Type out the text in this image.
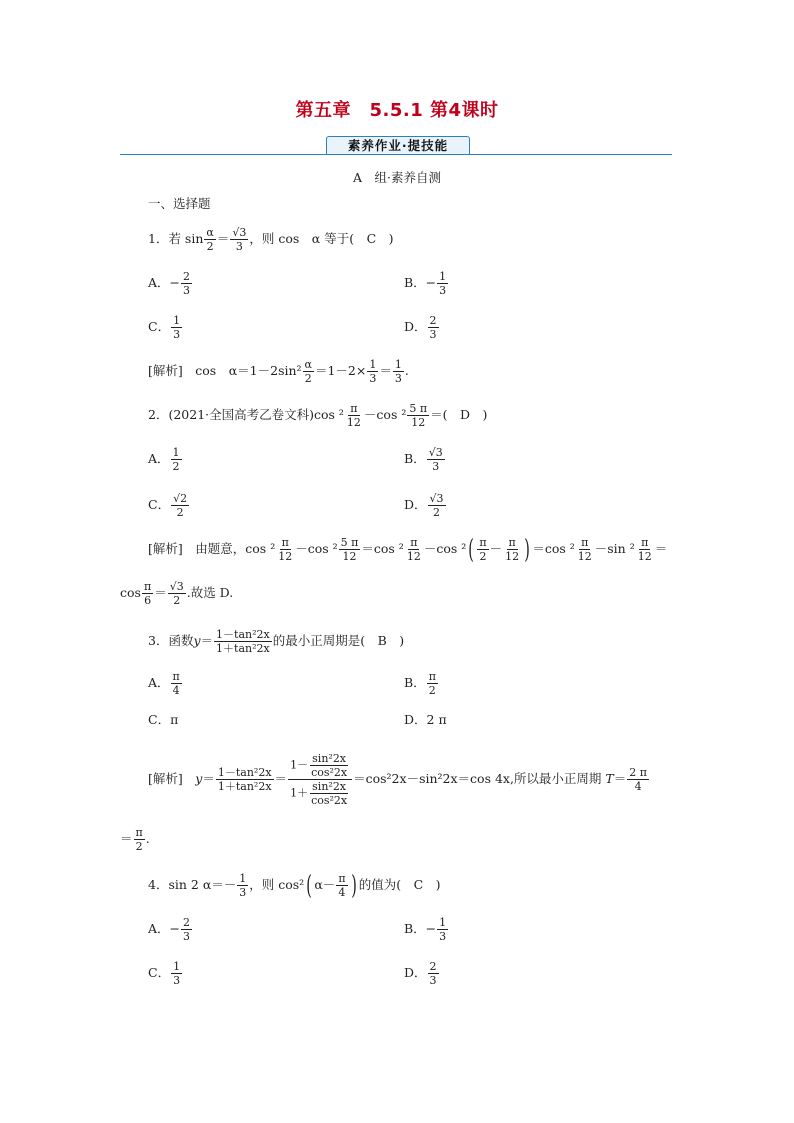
第五章　5.5.1 第4课时
素养作业·提技能
A　组·素养自测
一、选择题
1．若 $\sin \frac{\alpha}{2} = \frac{√3}{3}$ ，则 cos　α 等于(　C　)
A．− $\frac{2}{3}$	B．− $\frac{1}{3}$
C． $\frac{1}{3}$	D． $\frac{2}{3}$
[解析]　 cos　$\alpha=1-2\sin^2 \frac{\alpha}{2} =1-2\times \frac{1}{3} = \frac{1}{3}$ .
2．(2021·全国高考乙卷文科)cos $^2 \frac{\pi}{12} -\cos$ $^2 \frac{5 \pi}{12}$ ＝(　D　)
A． $\frac{1}{2}$	B． $\frac{√3}{3}$
C． $\frac{√2}{2}$	D． $\frac{√3}{2}$
[解析]　 由题意，$\cos ^2 \frac{\pi}{12} -\cos$ $^2 \frac{5 \pi}{12} =\cos$ $^2 \frac{\pi}{12} -\cos$ $^2( \frac{\pi}{2} - \frac{\pi}{12}$ ) ＝cos $^2 \frac{\pi}{12} -\sin$ $^2 \frac{\pi}{12}$ ＝
$\cos \frac{\pi}{6} = \frac{√3}{2}$ .故选 D.
3．函数$y= \frac{\text{1－tan²2x}}{\text{1＋tan²2x}}$ 的最小正周期是(　B　)
A． $\frac{\pi}{4}$	B． $\frac{\pi}{2}$
C．π	D．2 π
[解析]　 $y= \frac{\text{1－tan²2x}}{\text{1＋tan²2x}} = \frac{1- \frac{\text{sin²2x}}{\text{cos²2x}}}{1+ \frac{\text{sin²2x}}{\text{cos²2x}}} =\cos^22x-\sin^22x=\cos$ 4x,所以最小正周期 $T= \frac{2 \pi}{4}$
＝ $\frac{\pi}{2}$ .
4．sin 2 $\alpha=- \frac{1}{3}$ ，则 cos²( $\alpha- \frac{\pi}{4}$ ) 的值为(　C　)
A．− $\frac{2}{3}$	B．− $\frac{1}{3}$
C． $\frac{1}{3}$	D． $\frac{2}{3}$
